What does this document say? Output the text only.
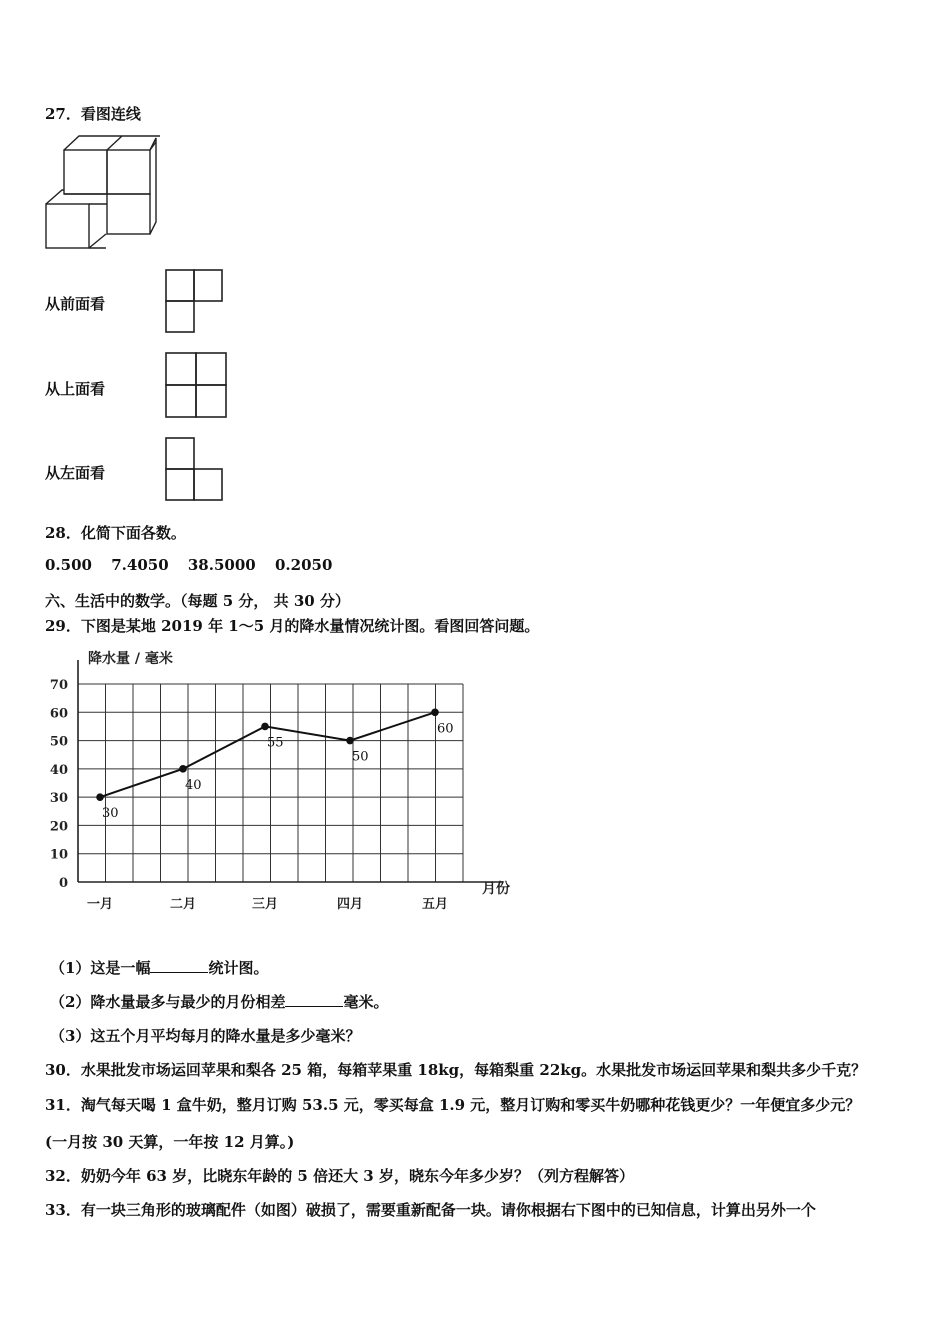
27．看图连线
从前面看
从上面看
从左面看
28．化简下面各数。
0.500 7.4050 38.5000 0.2050
六、生活中的数学。（每题 5 分， 共 30 分）
29．下图是某地 2019 年 1～5 月的降水量情况统计图。看图回答问题。
0
10
20
30
40
50
60
70
一月	二月	三月	四月	五月
30
40
55
50
60
降水量 / 毫米
月份
（1）这是一幅	统计图。
（2）降水量最多与最少的月份相差	毫米。
（3）这五个月平均每月的降水量是多少毫米？
30．水果批发市场运回苹果和梨各 25 箱，每箱苹果重 18kg，每箱梨重 22kg。水果批发市场运回苹果和梨共多少千克？
31．淘气每天喝 1 盒牛奶，整月订购 53.5 元，零买每盒 1.9 元，整月订购和零买牛奶哪种花钱更少？一年便宜多少元？
(一月按 30 天算，一年按 12 月算。)
32．奶奶今年 63 岁，比晓东年龄的 5 倍还大 3 岁，晓东今年多少岁？（列方程解答）
33．有一块三角形的玻璃配件（如图）破损了，需要重新配备一块。请你根据右下图中的已知信息，计算出另外一个
